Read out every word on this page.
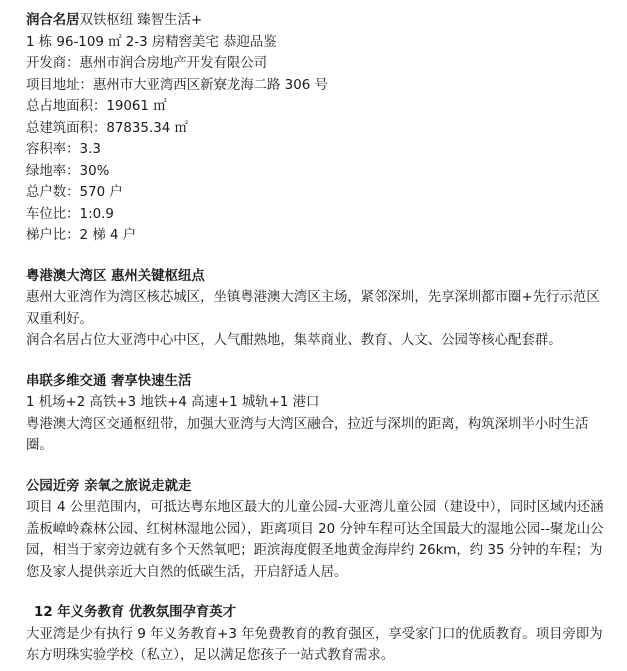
润合名居双铁枢纽 臻智生活+
1 栋 96-109 ㎡ 2-3 房精窖美宅 恭迎品鉴
开发商：惠州市润合房地产开发有限公司
项目地址：惠州市大亚湾西区新寮龙海二路 306 号
总占地面积：19061 ㎡
总建筑面积：87835.34 ㎡
容积率：3.3
绿地率：30%
总户数：570 户
车位比：1:0.9
梯户比：2 梯 4 户
粤港澳大湾区 惠州关键枢纽点
惠州大亚湾作为湾区核芯城区，坐镇粤港澳大湾区主场，紧邻深圳，先享深圳都市圈+先行示范区双重利好。
润合名居占位大亚湾中心中区，人气酣熟地，集萃商业、教育、人文、公园等核心配套群。
串联多维交通 奢享快速生活
1 机场+2 高铁+3 地铁+4 高速+1 城轨+1 港口
粤港澳大湾区交通枢纽带，加强大亚湾与大湾区融合，拉近与深圳的距离，构筑深圳半小时生活圈。
公园近旁 亲氧之旅说走就走
项目 4 公里范围内，可抵达粤东地区最大的儿童公园-大亚湾儿童公园（建设中），同时区域内还涵盖板嶂岭森林公园、红树林湿地公园），距离项目 20 分钟车程可达全国最大的湿地公园--聚龙山公园，相当于家旁边就有多个天然氧吧；距滨海度假圣地黄金海岸约 26km，约 35 分钟的车程；为您及家人提供亲近大自然的低碳生活，开启舒适人居。
12 年义务教育 优教氛围孕育英才
大亚湾是少有执行 9 年义务教育+3 年免费教育的教育强区，享受家门口的优质教育。项目旁即为东方明珠实验学校（私立），足以满足您孩子一站式教育需求。
